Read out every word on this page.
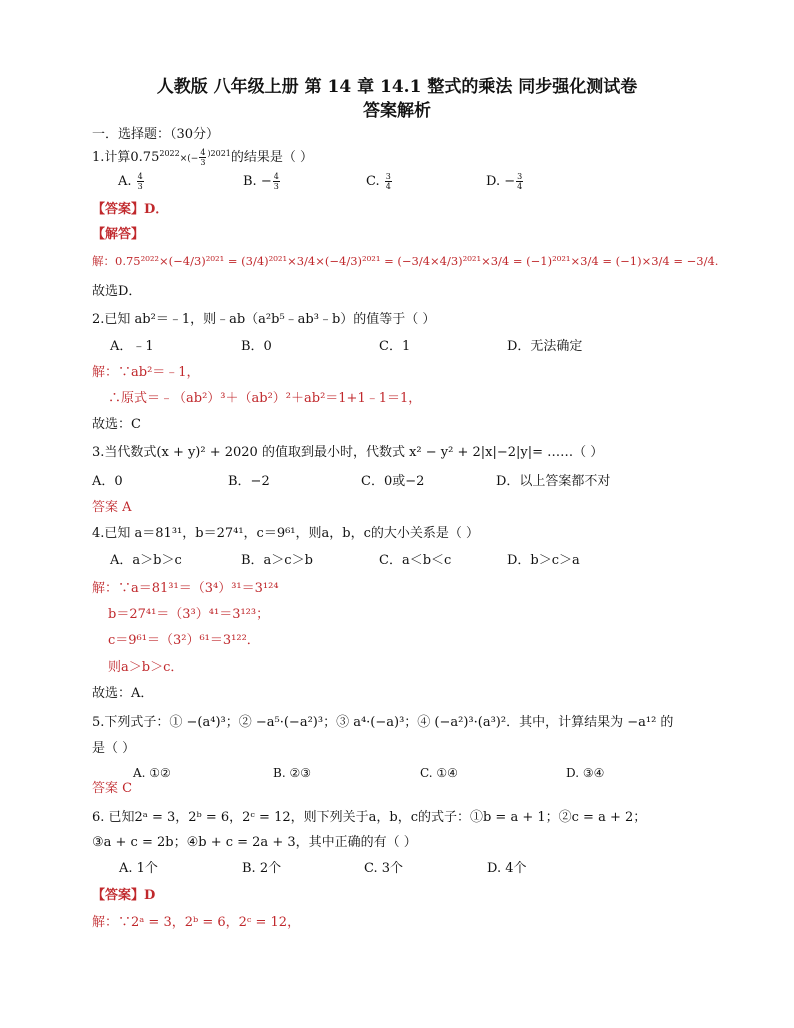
人教版 八年级上册 第 14 章 14.1 整式的乘法 同步强化测试卷
答案解析
一．选择题：（30分）
1.计算$0.75^{2022}\times(- \frac{4}{3} ^{)2021}$的结果是（ ）
A. $\frac{4}{3}$	B. − $\frac{4}{3}$	C. $\frac{3}{4}$	D. − $\frac{3}{4}$
【答案】D．
【解答】
解：0.75²⁰²²×(−4/3)²⁰²¹ = (3/4)²⁰²¹×3/4×(−4/3)²⁰²¹ = (−3/4×4/3)²⁰²¹×3/4 = (−1)²⁰²¹×3/4 = (−1)×3/4 = −3/4.
故选D．
2.已知 ab²＝﹣1，则﹣ab（a²b⁵﹣ab³﹣b）的值等于（ ）
A．﹣1	B．0	C．1	D．无法确定
解：∵ab²＝﹣1，
∴原式＝﹣（ab²）³＋（ab²）²＋ab²＝1+1﹣1＝1，
故选：C
3.当代数式(x + y)² + 2020 的值取到最小时，代数式 x² − y² + 2|x|−2|y|= ……（ ）
A．0	B．−2	C．0或−2	D．以上答案都不对
答案 A
4.已知 a＝81³¹，b＝27⁴¹，c＝9⁶¹，则a，b，c的大小关系是（ ）
A．a＞b＞c	B．a＞c＞b	C．a＜b＜c	D．b＞c＞a
解：∵a＝81³¹＝（3⁴）³¹＝3¹²⁴
b＝27⁴¹＝（3³）⁴¹＝3¹²³；
c＝9⁶¹＝（3²）⁶¹＝3¹²²．
则a＞b＞c．
故选：A．
5.下列式子：① −(a⁴)³；② −a⁵·(−a²)³；③ a⁴·(−a)³；④ (−a²)³·(a³)²．其中，计算结果为 −a¹² 的
是（ ）
A. ①②	B. ②③	C. ①④	D. ③④
答案 C
6. 已知2ᵃ = 3，2ᵇ = 6，2ᶜ = 12，则下列关于a，b，c的式子：①b = a + 1；②c = a + 2；
③a + c = 2b；④b + c = 2a + 3，其中正确的有（ ）
A. 1个	B. 2个	C. 3个	D. 4个
【答案】D
解：∵2ᵃ = 3，2ᵇ = 6，2ᶜ = 12，
